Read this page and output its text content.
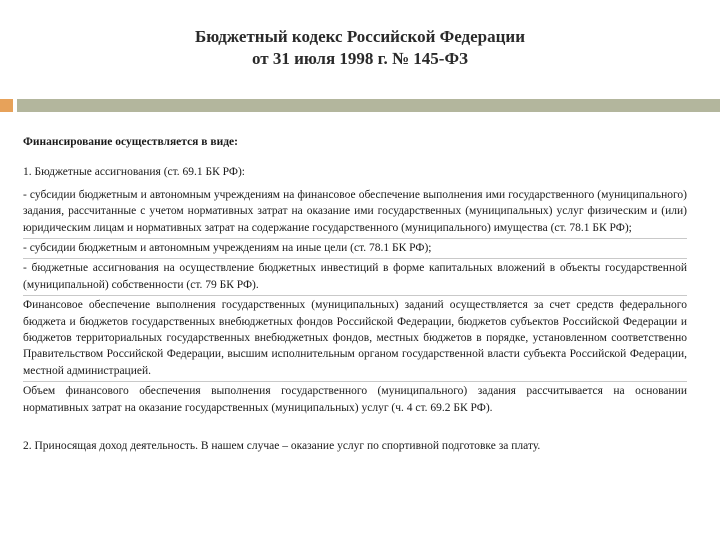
Бюджетный кодекс Российской Федерации
от 31 июля 1998 г. № 145-ФЗ

Финансирование осуществляется в виде:

1. Бюджетные ассигнования (ст. 69.1 БК РФ):

- субсидии бюджетным и автономным учреждениям на финансовое обеспечение выполнения ими государственного (муниципального) задания, рассчитанные с учетом нормативных затрат на оказание ими государственных (муниципальных) услуг физическим и (или) юридическим лицам и нормативных затрат на содержание государственного (муниципального) имущества (ст. 78.1 БК РФ);

- субсидии бюджетным и автономным учреждениям на иные цели (ст. 78.1 БК РФ);

- бюджетные ассигнования на осуществление бюджетных инвестиций в форме капитальных вложений в объекты государственной (муниципальной) собственности (ст. 79 БК РФ).

Финансовое обеспечение выполнения государственных (муниципальных) заданий осуществляется за счет средств федерального бюджета и бюджетов государственных внебюджетных фондов Российской Федерации, бюджетов субъектов Российской Федерации и бюджетов территориальных государственных внебюджетных фондов, местных бюджетов в порядке, установленном соответственно Правительством Российской Федерации, высшим исполнительным органом государственной власти субъекта Российской Федерации, местной администрацией.

Объем финансового обеспечения выполнения государственного (муниципального) задания рассчитывается на основании нормативных затрат на оказание государственных (муниципальных) услуг (ч. 4 ст. 69.2 БК РФ).

2. Приносящая доход деятельность. В нашем случае – оказание услуг по спортивной подготовке за плату.
